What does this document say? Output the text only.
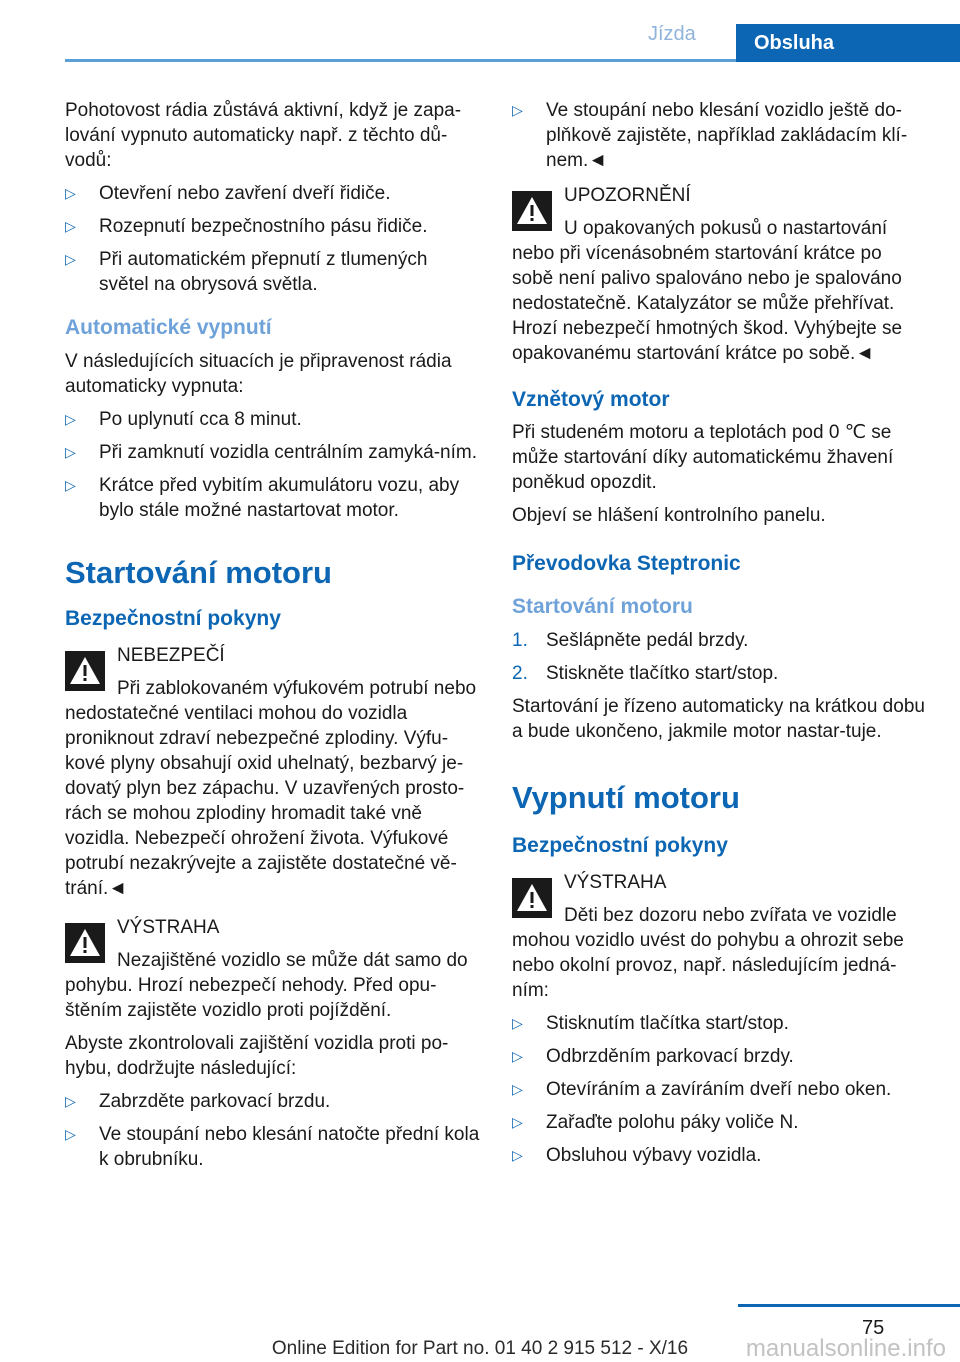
Jízda	Obsluha

Pohotovost rádia zůstává aktivní, když je zapa‐lování vypnuto automaticky např. z těchto dů‐vodů:

▷ Otevření nebo zavření dveří řidiče.
▷ Rozepnutí bezpečnostního pásu řidiče.
▷ Při automatickém přepnutí z tlumených světel na obrysová světla.
Automatické vypnutí

V následujících situacích je připravenost rádia automaticky vypnuta:

▷ Po uplynutí cca 8 minut.
▷ Při zamknutí vozidla centrálním zamyká‐ním.
▷ Krátce před vybitím akumulátoru vozu, aby bylo stále možné nastartovat motor.
Startování motoru
Bezpečnostní pokyny
NEBEZPEČÍ
Při zablokovaném výfukovém potrubí nebo nedostatečné ventilaci mohou do vozidla proniknout zdraví nebezpečné zplodiny. Výfu‐kové plyny obsahují oxid uhelnatý, bezbarvý je‐dovatý plyn bez zápachu. V uzavřených prosto‐rách se mohou zplodiny hromadit také vně vozidla. Nebezpečí ohrožení života. Výfukové potrubí nezakrývejte a zajistěte dostatečné vě‐trání.◄
VÝSTRAHA
Nezajištěné vozidlo se může dát samo do pohybu. Hrozí nebezpečí nehody. Před opu‐štěním zajistěte vozidlo proti pojíždění.

Abyste zkontrolovali zajištění vozidla proti po‐hybu, dodržujte následující:

▷ Zabrzděte parkovací brzdu.
▷ Ve stoupání nebo klesání natočte přední kola k obrubníku.
▷ Ve stoupání nebo klesání vozidlo ještě do‐plňkově zajistěte, například zakládacím klí‐nem.◄
UPOZORNĚNÍ
U opakovaných pokusů o nastartování nebo při vícenásobném startování krátce po sobě není palivo spalováno nebo je spalováno nedostatečně. Katalyzátor se může přehřívat. Hrozí nebezpečí hmotných škod. Vyhýbejte se opakovanému startování krátce po sobě.◄
Vznětový motor

Při studeném motoru a teplotách pod 0 ℃ se může startování díky automatickému žhavení poněkud opozdit.

Objeví se hlášení kontrolního panelu.

Převodovka Steptronic
Startování motoru
1. Sešlápněte pedál brzdy.
2. Stiskněte tlačítko start/stop.

Startování je řízeno automaticky na krátkou dobu a bude ukončeno, jakmile motor nastar‐tuje.

Vypnutí motoru
Bezpečnostní pokyny
VÝSTRAHA
Děti bez dozoru nebo zvířata ve vozidle mohou vozidlo uvést do pohybu a ohrozit sebe nebo okolní provoz, např. následujícím jedná‐ním:
▷ Stisknutím tlačítka start/stop.
▷ Odbrzděním parkovací brzdy.
▷ Otevíráním a zavíráním dveří nebo oken.
▷ Zařaďte polohu páky voliče N.
▷ Obsluhou výbavy vozidla.
75
Online Edition for Part no. 01 40 2 915 512 - X/16	manualsonline.info
